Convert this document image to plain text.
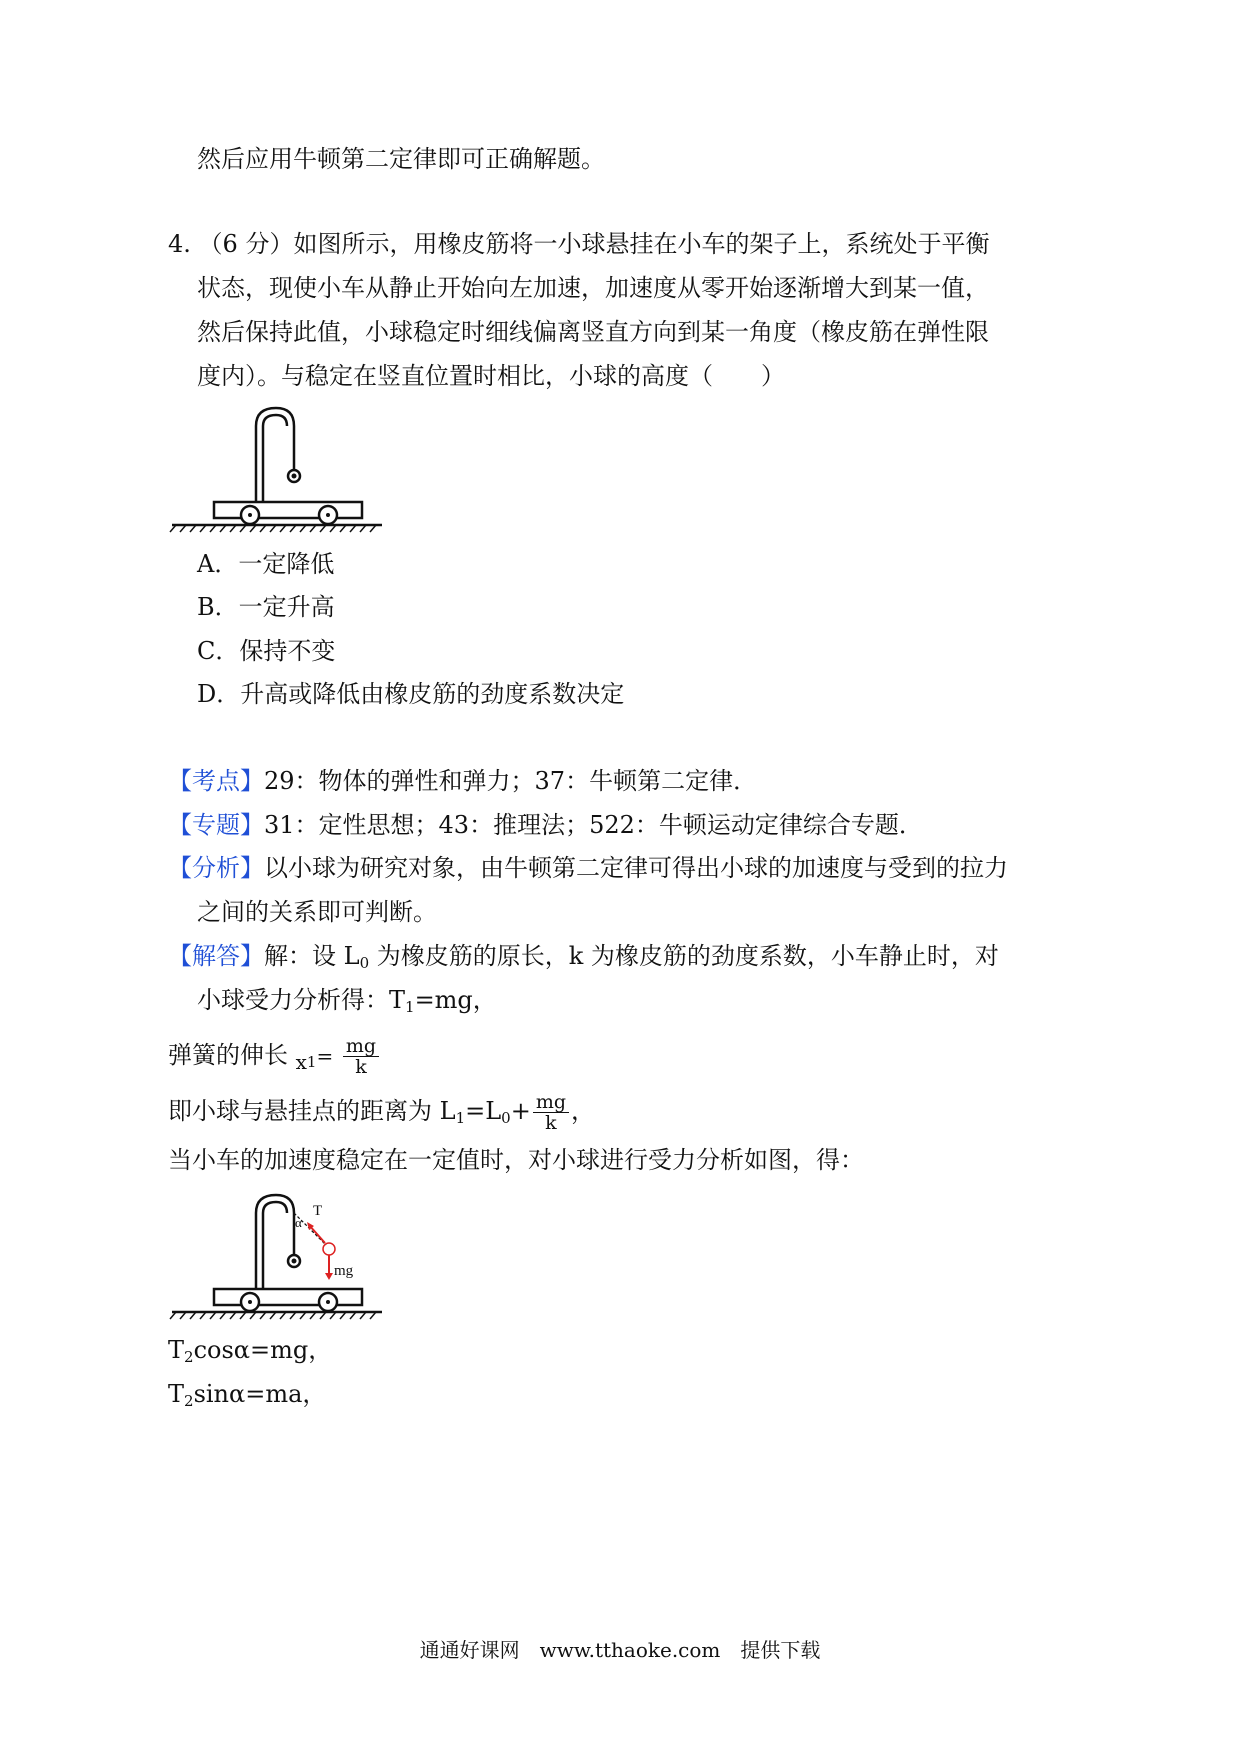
然后应用牛顿第二定律即可正确解题。
4. （6 分）如图所示，用橡皮筋将一小球悬挂在小车的架子上，系统处于平衡
状态，现使小车从静止开始向左加速，加速度从零开始逐渐增大到某一值，
然后保持此值，小球稳定时细线偏离竖直方向到某一角度（橡皮筋在弹性限
度内）。与稳定在竖直位置时相比，小球的高度（　　）
A．一定降低
B．一定升高
C．保持不变
D．升高或降低由橡皮筋的劲度系数决定
【考点】29：物体的弹性和弹力；37：牛顿第二定律．
【专题】31：定性思想；43：推理法；522：牛顿运动定律综合专题．
【分析】以小球为研究对象，由牛顿第二定律可得出小球的加速度与受到的拉力
之间的关系即可判断。
【解答】解：设 $L_0$ 为橡皮筋的原长，k 为橡皮筋的劲度系数，小车静止时，对
小球受力分析得：$T_1=mg$，
弹簧的伸长 $_{x1}= \frac{mg}{k}$
即小球与悬挂点的距离为 $L_1=L_0+ \frac{mg}{k}$ ，
当小车的加速度稳定在一定值时，对小球进行受力分析如图，得：
T
α
mg
$T_2\cos\alpha=mg$，
$T_2\sin\alpha=ma$，
通通好课网　www.tthaoke.com　提供下载
